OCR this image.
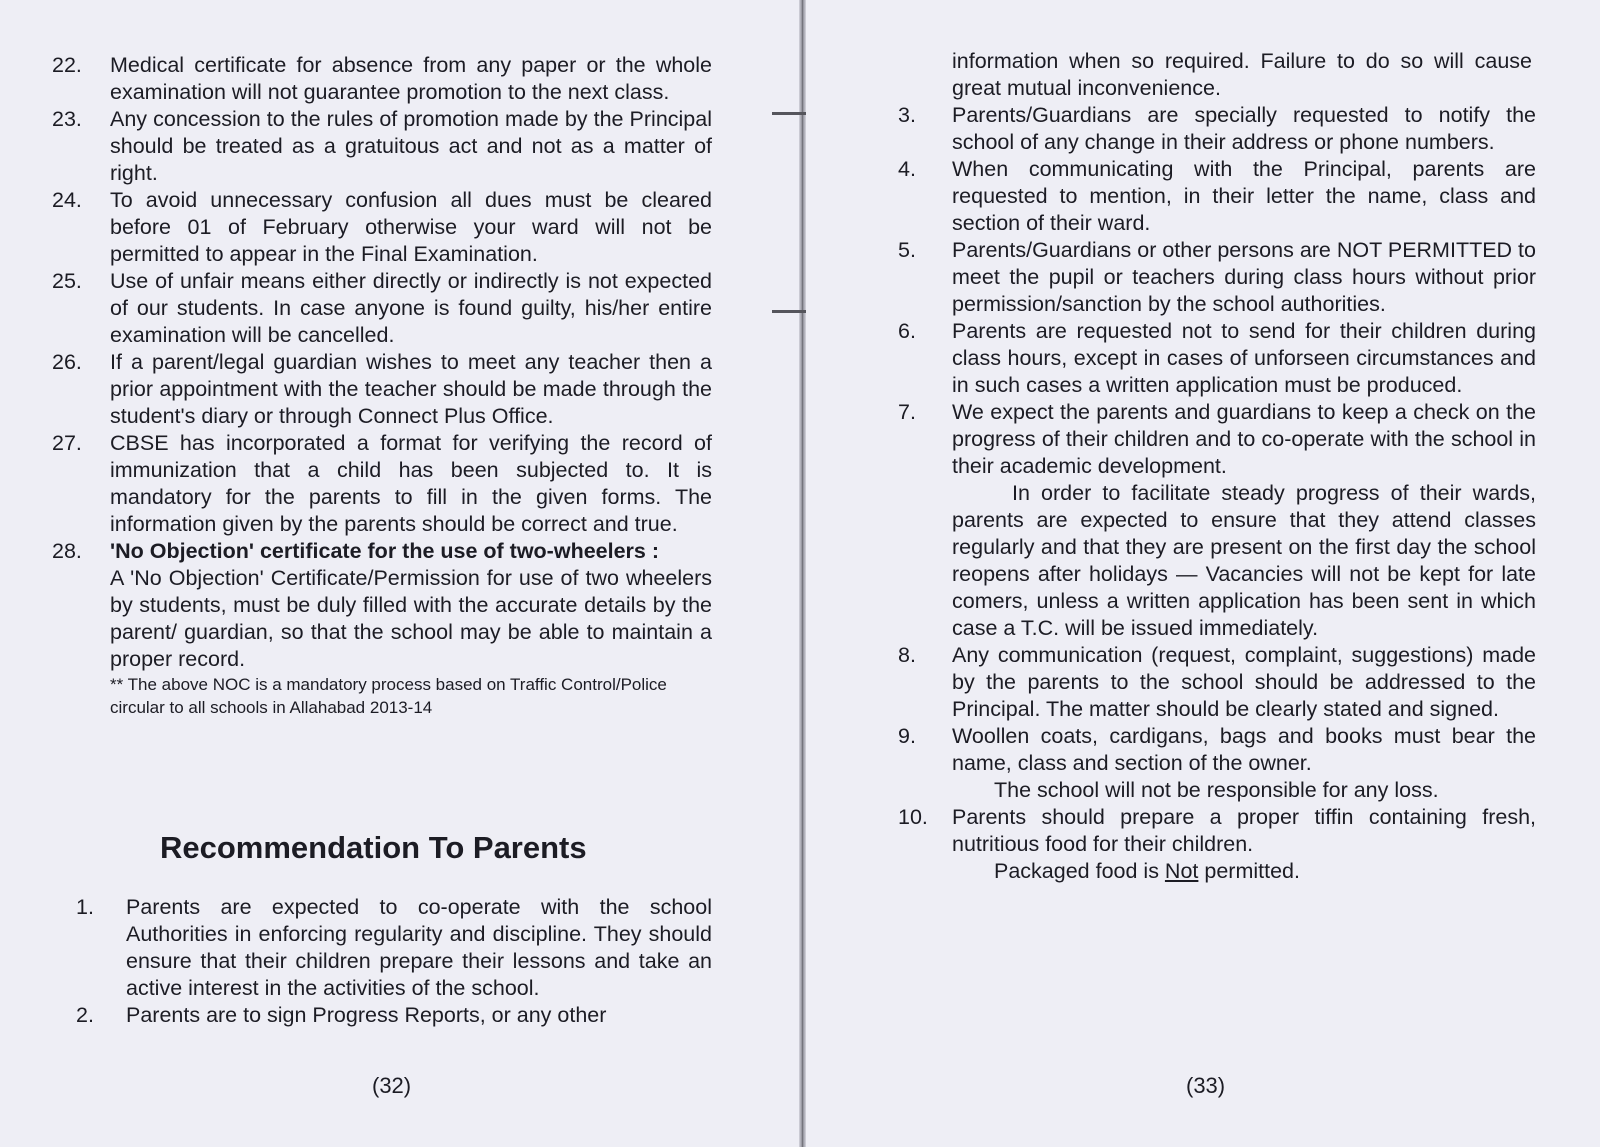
22.	Medical certificate for absence from any paper or the whole examination will not guarantee promotion to the next class.
23.	Any concession to the rules of promotion made by the Principal should be treated as a gratuitous act and not as a matter of right.
24.	To avoid unnecessary confusion all dues must be cleared before 01 of February otherwise your ward will not be permitted to appear in the Final Examination.
25.	Use of unfair means either directly or indirectly is not expected of our students. In case anyone is found guilty, his/her entire examination will be cancelled.
26.	If a parent/legal guardian wishes to meet any teacher then a prior appointment with the teacher should be made through the student's diary or through Connect Plus Office.
27.	CBSE has incorporated a format for verifying the record of immunization that a child has been subjected to. It is mandatory for the parents to fill in the given forms. The information given by the parents should be correct and true.
28.	'No Objection' certificate for the use of two-wheelers :
A 'No Objection' Certificate/Permission for use of two wheelers by students, must be duly filled with the accurate details by the parent/ guardian, so that the school may be able to maintain a proper record.
** The above NOC is a mandatory process based on Traffic Control/Police circular to all schools in Allahabad 2013-14
Recommendation To Parents
1.	Parents are expected to co-operate with the school Authorities in enforcing regularity and discipline. They should ensure that their children prepare their lessons and take an active interest in the activities of the school.
2.	Parents are to sign Progress Reports, or any other
(32)
information when so required. Failure to do so will cause great mutual inconvenience.
3.	Parents/Guardians are specially requested to notify the school of any change in their address or phone numbers.
4.	When communicating with the Principal, parents are requested to mention, in their letter the name, class and section of their ward.
5.	Parents/Guardians or other persons are NOT PERMITTED to meet the pupil or teachers during class hours without prior permission/sanction by the school authorities.
6.	Parents are requested not to send for their children during class hours, except in cases of unforseen circumstances and in such cases a written application must be produced.
7.	We expect the parents and guardians to keep a check on the progress of their children and to co-operate with the school in their academic development.
In order to facilitate steady progress of their wards, parents are expected to ensure that they attend classes regularly and that they are present on the first day the school reopens after holidays — Vacancies will not be kept for late comers, unless a written application has been sent in which case a T.C. will be issued immediately.
8.	Any communication (request, complaint, suggestions) made by the parents to the school should be addressed to the Principal. The matter should be clearly stated and signed.
9.	Woollen coats, cardigans, bags and books must bear the name, class and section of the owner.
The school will not be responsible for any loss.
10.	Parents should prepare a proper tiffin containing fresh, nutritious food for their children.
Packaged food is Not permitted.
(33)
